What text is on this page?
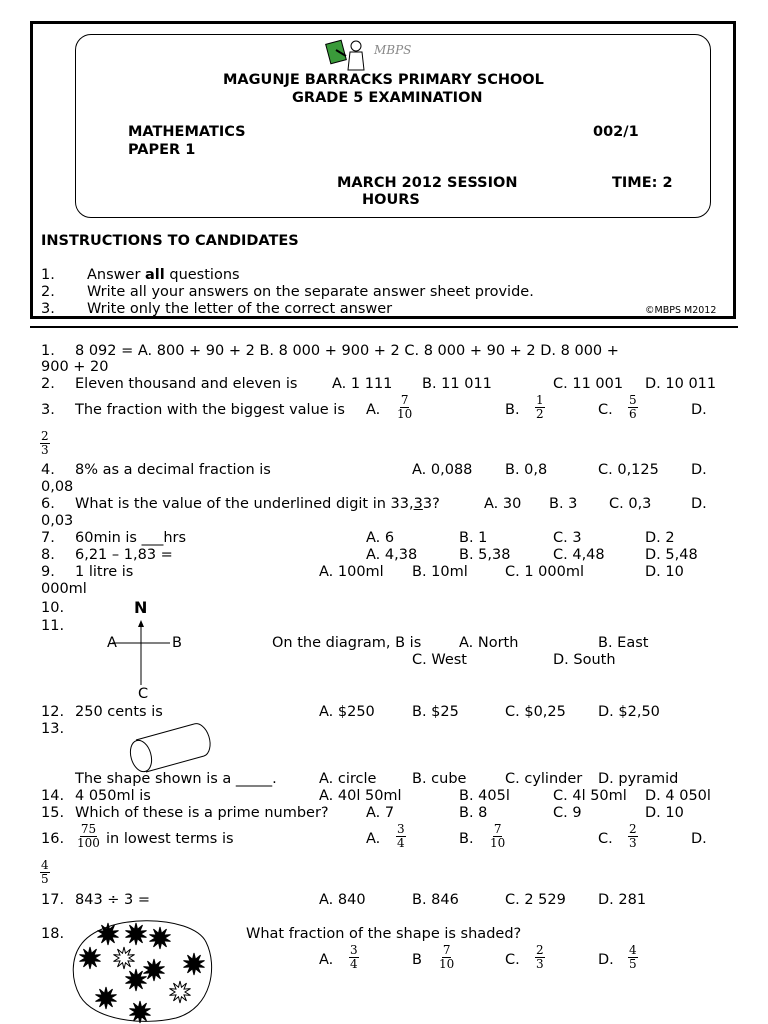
MBPS
MAGUNJE BARRACKS PRIMARY SCHOOL
GRADE 5 EXAMINATION
MATHEMATICS	002/1
PAPER 1
MARCH 2012 SESSION	TIME: 2
HOURS
INSTRUCTIONS TO CANDIDATES
1. Answer all questions
2. Write all your answers on the separate answer sheet provide.
3. Write only the letter of the correct answer	©MBPS M2012
1. 8 092 = A. 800 + 90 + 2 B. 8 000 + 900 + 2 C. 8 000 + 90 + 2 D. 8 000 +
900 + 20
2. Eleven thousand and eleven is A. 1 111 B. 11 011	C. 11 001 D. 10 011
3. The fraction with the biggest value is A. $\frac{7}{10}$	B. $\frac{1}{2}$	C. $\frac{5}{6}$	D.
$\frac{2}{3}$
4. 8% as a decimal fraction is	A. 0,088 B. 0,8	C. 0,125 D.
0,08
6. What is the value of the underlined digit in 33,33?	A. 30 B. 3 C. 0,3	D.
0,03
7. 60min is ___hrs	A. 6	B. 1	C. 3	D. 2
8. 6,21 – 1,83 =	A. 4,38	B. 5,38	C. 4,48	D. 5,48
9. 1 litre is	A. 100ml B. 10ml	C. 1 000ml	D. 10
000ml
10.
11.
N
A	B
C
On the diagram, B is	A. North	B. East
C. West	D. South
12. 250 cents is	A. $250	B. $25	C. $0,25 D. $2,50
13.
The shape shown is a _____.	A. circle B. cube	C. cylinder D. pyramid
14. 4 050ml is	A. 40l 50ml	B. 405l	C. 4l 50ml D. 4 050l
15. Which of these is a prime number?	A. 7	B. 8	C. 9	D. 10
16. $\frac{75}{100}$ in lowest terms is	A. $\frac{3}{4}$	B. $\frac{7}{10}$	C. $\frac{2}{3}$	D.
$\frac{4}{5}$
17. 843 ÷ 3 =	A. 840	B. 846	C. 2 529 D. 281
18.	What fraction of the shape is shaded?
A. $\frac{3}{4}$	B $\frac{7}{10}$	C. $\frac{2}{3}$	D. $\frac{4}{5}$
